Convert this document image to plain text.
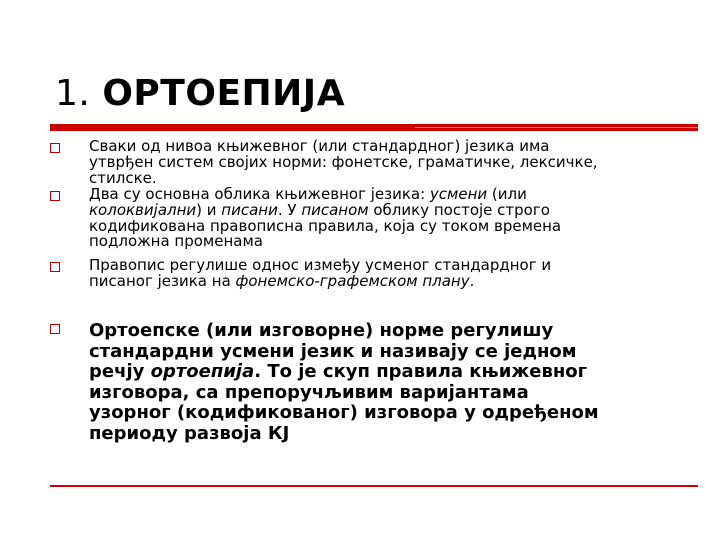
1. ОРТОЕПИЈА
Сваки од нивоа књижевног (или стандардног) језика има
утврђен систем својих норми: фонетске, граматичке, лексичке,
стилске.
Два су основна облика књижевног језика: усмени (или
колоквијални) и писани. У писаном облику постоје строго
кодификована правописна правила, која су током времена
подложна променама
Правопис регулише однос између усменог стандардног и
писаног језика на фонемско-графемском плану.
Ортоепске (или изговорне) норме регулишу
стандардни усмени језик и називају се једном
речју ортоепија. То је скуп правила књижевног
изговора, са препоручљивим варијантама
узорног (кодификованог) изговора у одређеном
периоду развоја КЈ
